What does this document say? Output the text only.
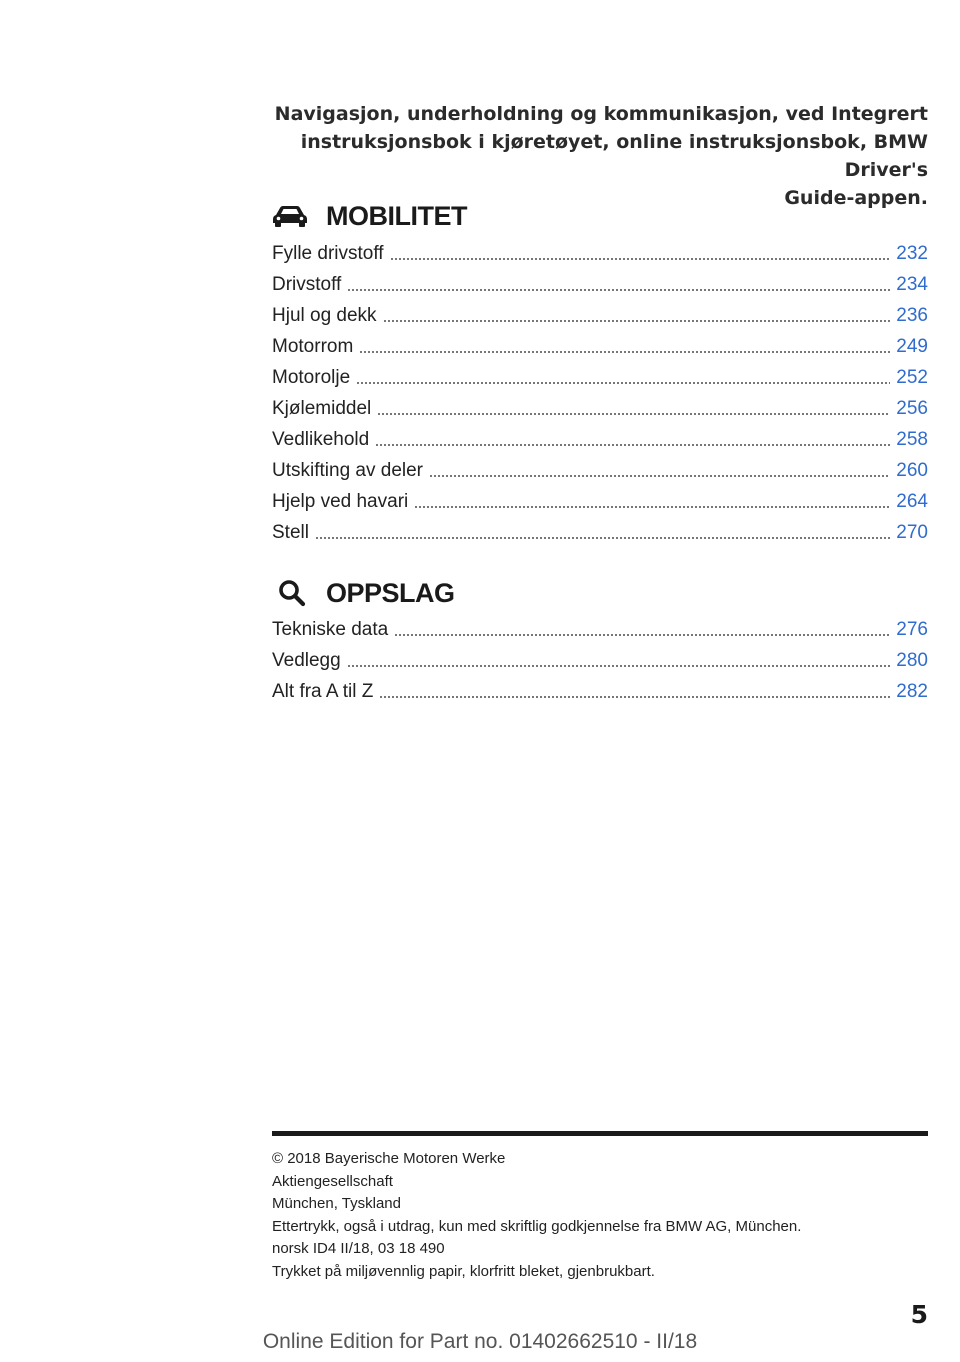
Navigasjon, underholdning og kommunikasjon, ved Integrert
instruksjonsbok i kjøretøyet, online instruksjonsbok, BMW Driver's
Guide-appen.
MOBILITET
Fylle drivstoff	232
Drivstoff	234
Hjul og dekk	236
Motorrom	249
Motorolje	252
Kjølemiddel	256
Vedlikehold	258
Utskifting av deler	260
Hjelp ved havari	264
Stell	270
OPPSLAG
Tekniske data	276
Vedlegg	280
Alt fra A til Z	282

© 2018 Bayerische Motoren Werke

Aktiengesellschaft

München, Tyskland

Ettertrykk, også i utdrag, kun med skriftlig godkjennelse fra BMW AG, München.

norsk ID4 II/18, 03 18 490

Trykket på miljøvennlig papir, klorfritt bleket, gjenbrukbart.

5
Online Edition for Part no. 01402662510 - II/18
